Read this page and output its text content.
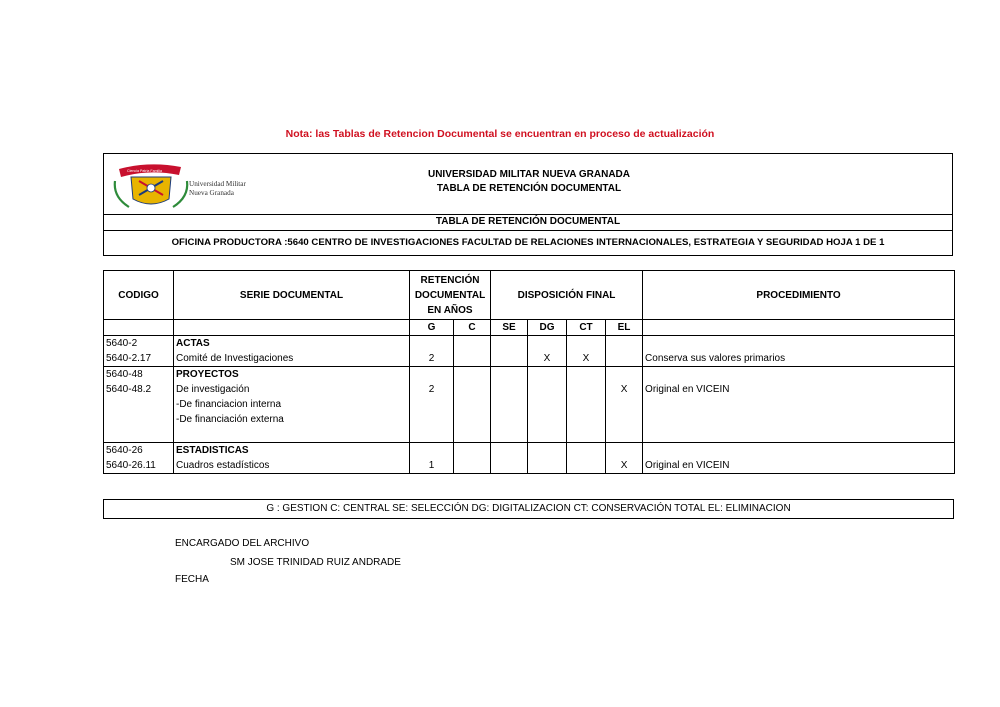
Nota: las Tablas de Retencion Documental se encuentran en proceso de actualización
Ciencia Patria Familia
Universidad Militar
Nueva Granada
UNIVERSIDAD MILITAR NUEVA GRANADA
TABLA DE RETENCIÓN DOCUMENTAL
TABLA DE RETENCIÓN DOCUMENTAL
OFICINA PRODUCTORA :5640 CENTRO DE INVESTIGACIONES FACULTAD DE RELACIONES INTERNACIONALES, ESTRATEGIA Y SEGURIDAD HOJA 1 DE 1
CODIGO	SERIE DOCUMENTAL	RETENCIÓN
DOCUMENTAL
EN AÑOS		DISPOSICIÓN FINAL				PROCEDIMIENTO
		G	C	SE	DG	CT	EL	
5640-2	ACTAS							
5640-2.17	Comité de Investigaciones	2			X	X		Conserva sus valores primarios
5640-48	PROYECTOS							
5640-48.2	De investigación	2					X	Original en VICEIN
	-De financiacion interna							
	-De financiación externa							

5640-26	ESTADISTICAS							
5640-26.11	Cuadros estadísticos	1					X	Original en VICEIN
G : GESTION C: CENTRAL SE: SELECCIÓN DG: DIGITALIZACION CT: CONSERVACIÓN TOTAL EL: ELIMINACION
ENCARGADO DEL ARCHIVO
SM JOSE TRINIDAD RUIZ ANDRADE
FECHA
